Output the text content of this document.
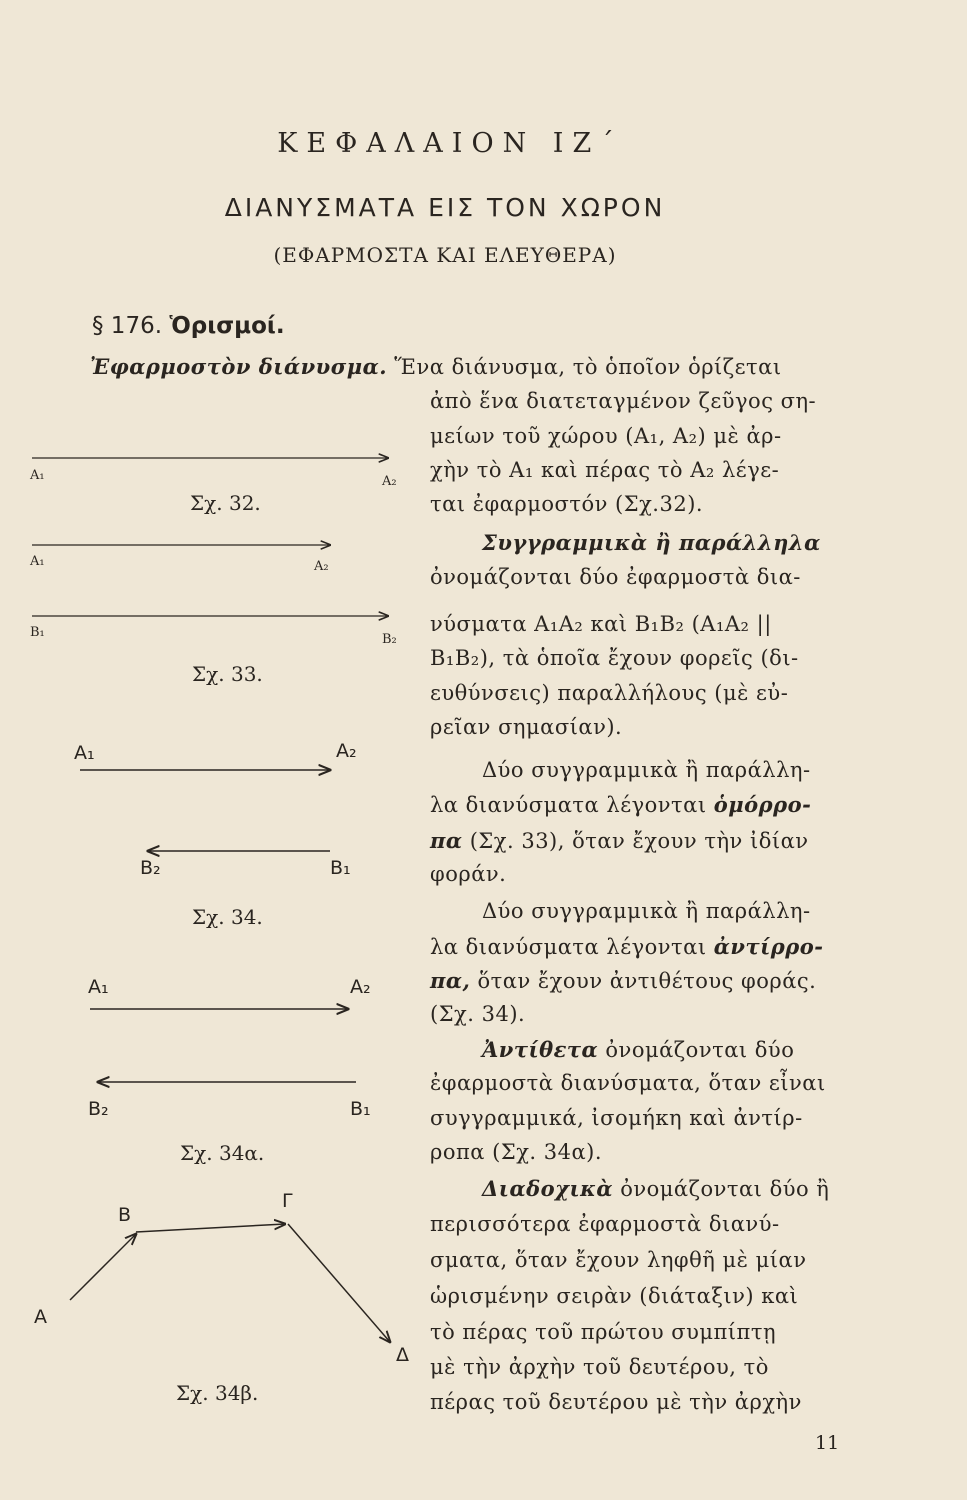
ΚΕΦΑΛΑΙΟΝ ΙΖ΄
ΔΙΑΝΥΣΜΑΤΑ ΕΙΣ ΤΟΝ ΧΩΡΟΝ
(ΕΦΑΡΜΟΣΤΑ ΚΑΙ ΕΛΕΥΘΕΡΑ)
§ 176. Ὁρισμοί.
A₁	A₂
Σχ. 32.
A₁	A₂
B₁	B₂
Σχ. 33.
A₁	A₂
B₂	B₁
Σχ. 34.
A₁	A₂
B₂	B₁
Σχ. 34α.
A
B
Γ
Δ
Σχ. 34β.
Ἐφαρμοστὸν διάνυσμα. Ἕνα διάνυσμα, τὸ ὁποῖον ὁρίζεται
ἀπὸ ἕνα διατεταγμένον ζεῦγος ση-
μείων τοῦ χώρου (A₁, A₂) μὲ ἀρ-
χὴν τὸ A₁ καὶ πέρας τὸ A₂ λέγε-
ται ἐφαρμοστόν (Σχ.32).
Συγγραμμικὰ ἢ παράλληλα
ὀνομάζονται δύο ἐφαρμοστὰ δια-
νύσματα A₁A₂ καὶ B₁B₂ (A₁A₂ ||
B₁B₂), τὰ ὁποῖα ἔχουν φορεῖς (δι-
ευθύνσεις) παραλλήλους (μὲ εὐ-
ρεῖαν σημασίαν).
Δύο συγγραμμικὰ ἢ παράλλη-
λα διανύσματα λέγονται ὁμόρρο-
πα (Σχ. 33), ὅταν ἔχουν τὴν ἰδίαν
φοράν.
Δύο συγγραμμικὰ ἢ παράλλη-
λα διανύσματα λέγονται ἀντίρρο-
πα, ὅταν ἔχουν ἀντιθέτους φοράς.
(Σχ. 34).
Ἀντίθετα ὀνομάζονται δύο
ἐφαρμοστὰ διανύσματα, ὅταν εἶναι
συγγραμμικά, ἰσομήκη καὶ ἀντίρ-
ροπα (Σχ. 34α).
Διαδοχικὰ ὀνομάζονται δύο ἢ
περισσότερα ἐφαρμοστὰ διανύ-
σματα, ὅταν ἔχουν ληφθῆ μὲ μίαν
ὡρισμένην σειρὰν (διάταξιν) καὶ
τὸ πέρας τοῦ πρώτου συμπίπτῃ
μὲ τὴν ἀρχὴν τοῦ δευτέρου, τὸ
πέρας τοῦ δευτέρου μὲ τὴν ἀρχὴν
11
